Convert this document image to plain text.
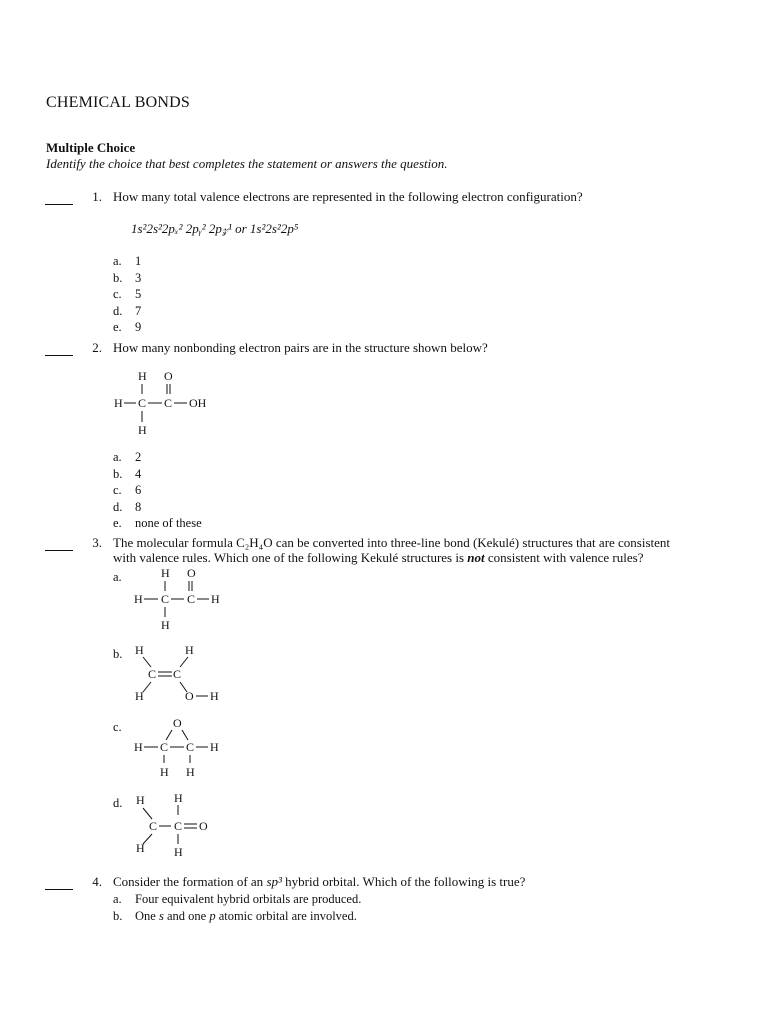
CHEMICAL BONDS
Multiple Choice
Identify the choice that best completes the statement or answers the question.
1. How many total valence electrons are represented in the following electron configuration?
1s²2s²2pₓ² 2pᵧ² 2p𝓏¹ or 1s²2s²2p⁵
a. 1
b. 3
c. 5
d. 7
e. 9
2. How many nonbonding electron pairs are in the structure shown below?
H O
H C C OH
H
a. 2
b. 4
c. 6
d. 8
e. none of these
3. The molecular formula C₂H₄O can be converted into three-line bond (Kekulé) structures that are consistent
with valence rules. Which one of the following Kekulé structures is not consistent with valence rules?
a.	H O
H C C H
H
b. H	H
C C
H	O H
c.	O
H C C H
H H
d. H H
C C O
H H
4. Consider the formation of an sp³ hybrid orbital. Which of the following is true?
a. Four equivalent hybrid orbitals are produced.
b. One s and one p atomic orbital are involved.
